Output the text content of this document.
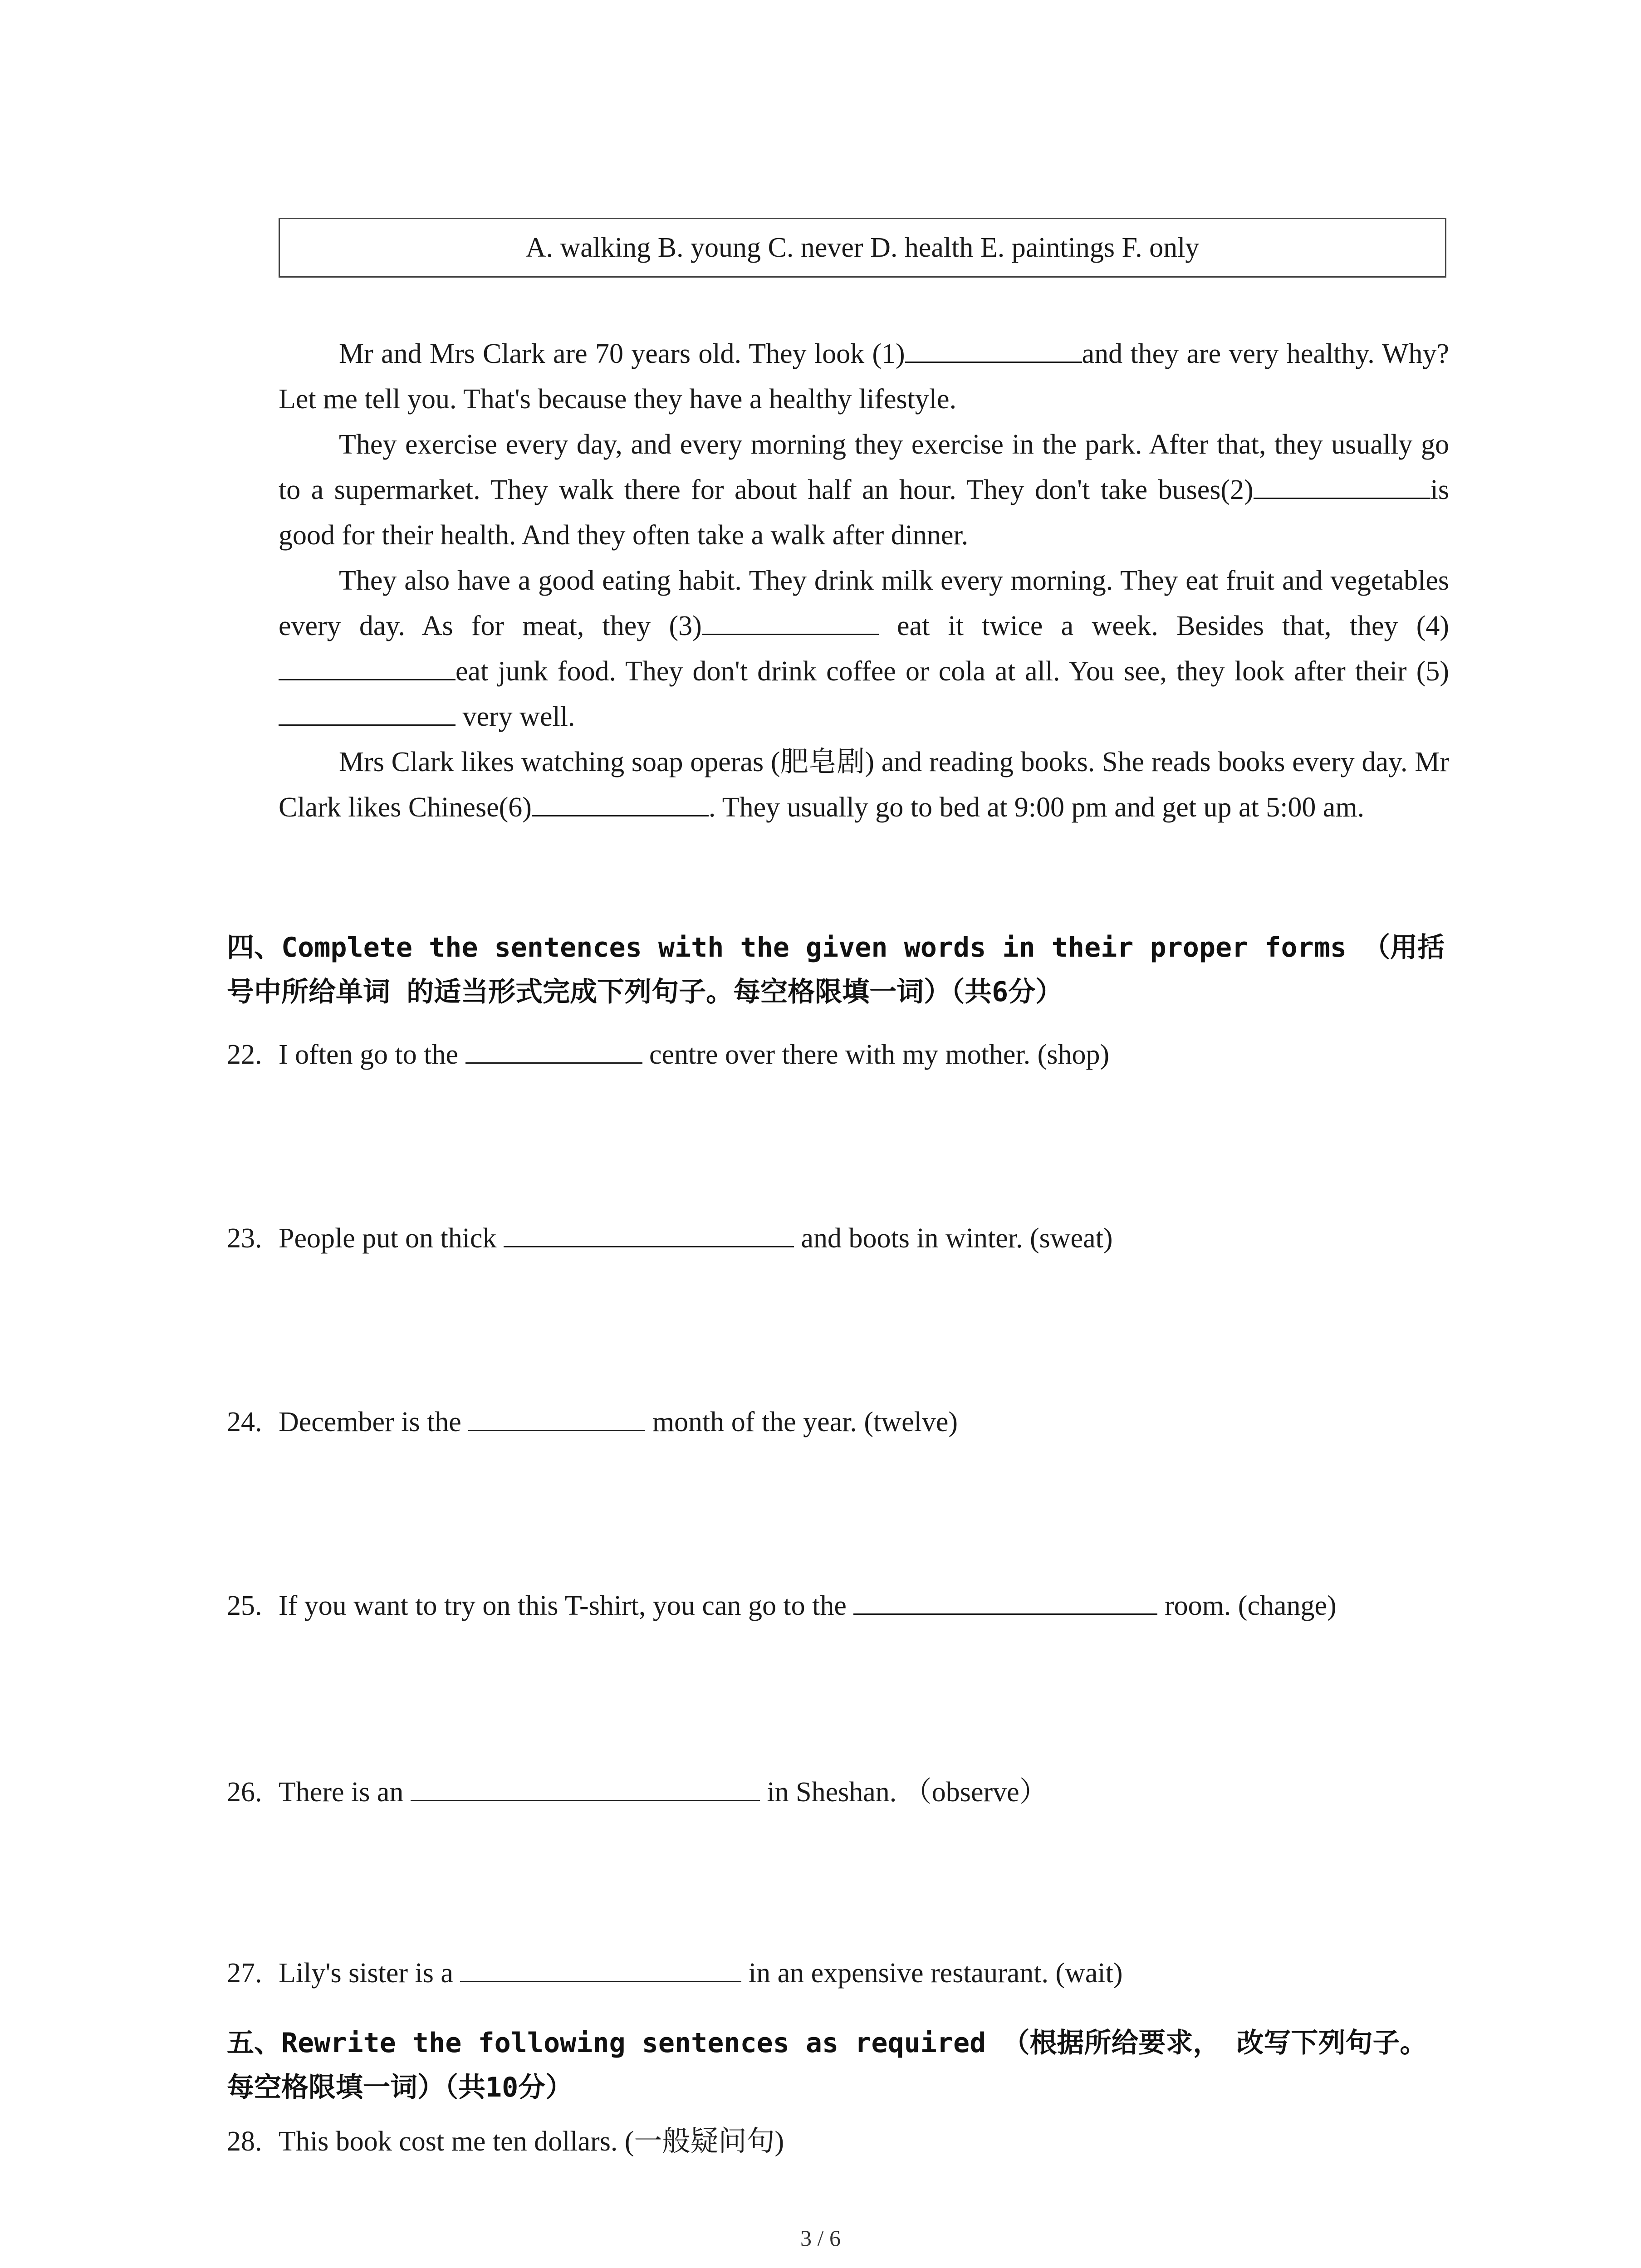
A. walking B. young C. never D. health E. paintings F. only

Mr and Mrs Clark are 70 years old. They look (1)	and they are very healthy. Why? Let me tell you. That's because they have a healthy lifestyle.

They exercise every day, and every morning they exercise in the park. After that, they usually go to a supermarket. They walk there for about half an hour. They don't take buses(2)	is good for their health. And they often take a walk after dinner.

They also have a good eating habit. They drink milk every morning. They eat fruit and vegetables every day. As for meat, they (3)	eat it twice a week. Besides that, they (4)eat junk food. They don't drink coffee or cola at all. You see, they look after their (5) very well.

Mrs Clark likes watching soap operas (肥皂剧) and reading books. She reads books every day. Mr Clark likes Chinese(6)	. They usually go to bed at 9:00 pm and get up at 5:00 am.

四、Complete the sentences with the given words in their proper forms （用括号中所给单词 的适当形式完成下列句子。每空格限填一词）（共6分）
22. I often go to the	centre over there with my mother. (shop)
23. People put on thick	and boots in winter. (sweat)
24. December is the	month of the year. (twelve)
25. If you want to try on this T-shirt, you can go to the	room. (change)
26. There is an	in Sheshan. （observe）
27. Lily's sister is a	in an expensive restaurant. (wait)
五、Rewrite the following sentences as required （根据所给要求， 改写下列句子。每空格限填一词）（共10分）
28. This book cost me ten dollars. (一般疑问句)
3 / 6
